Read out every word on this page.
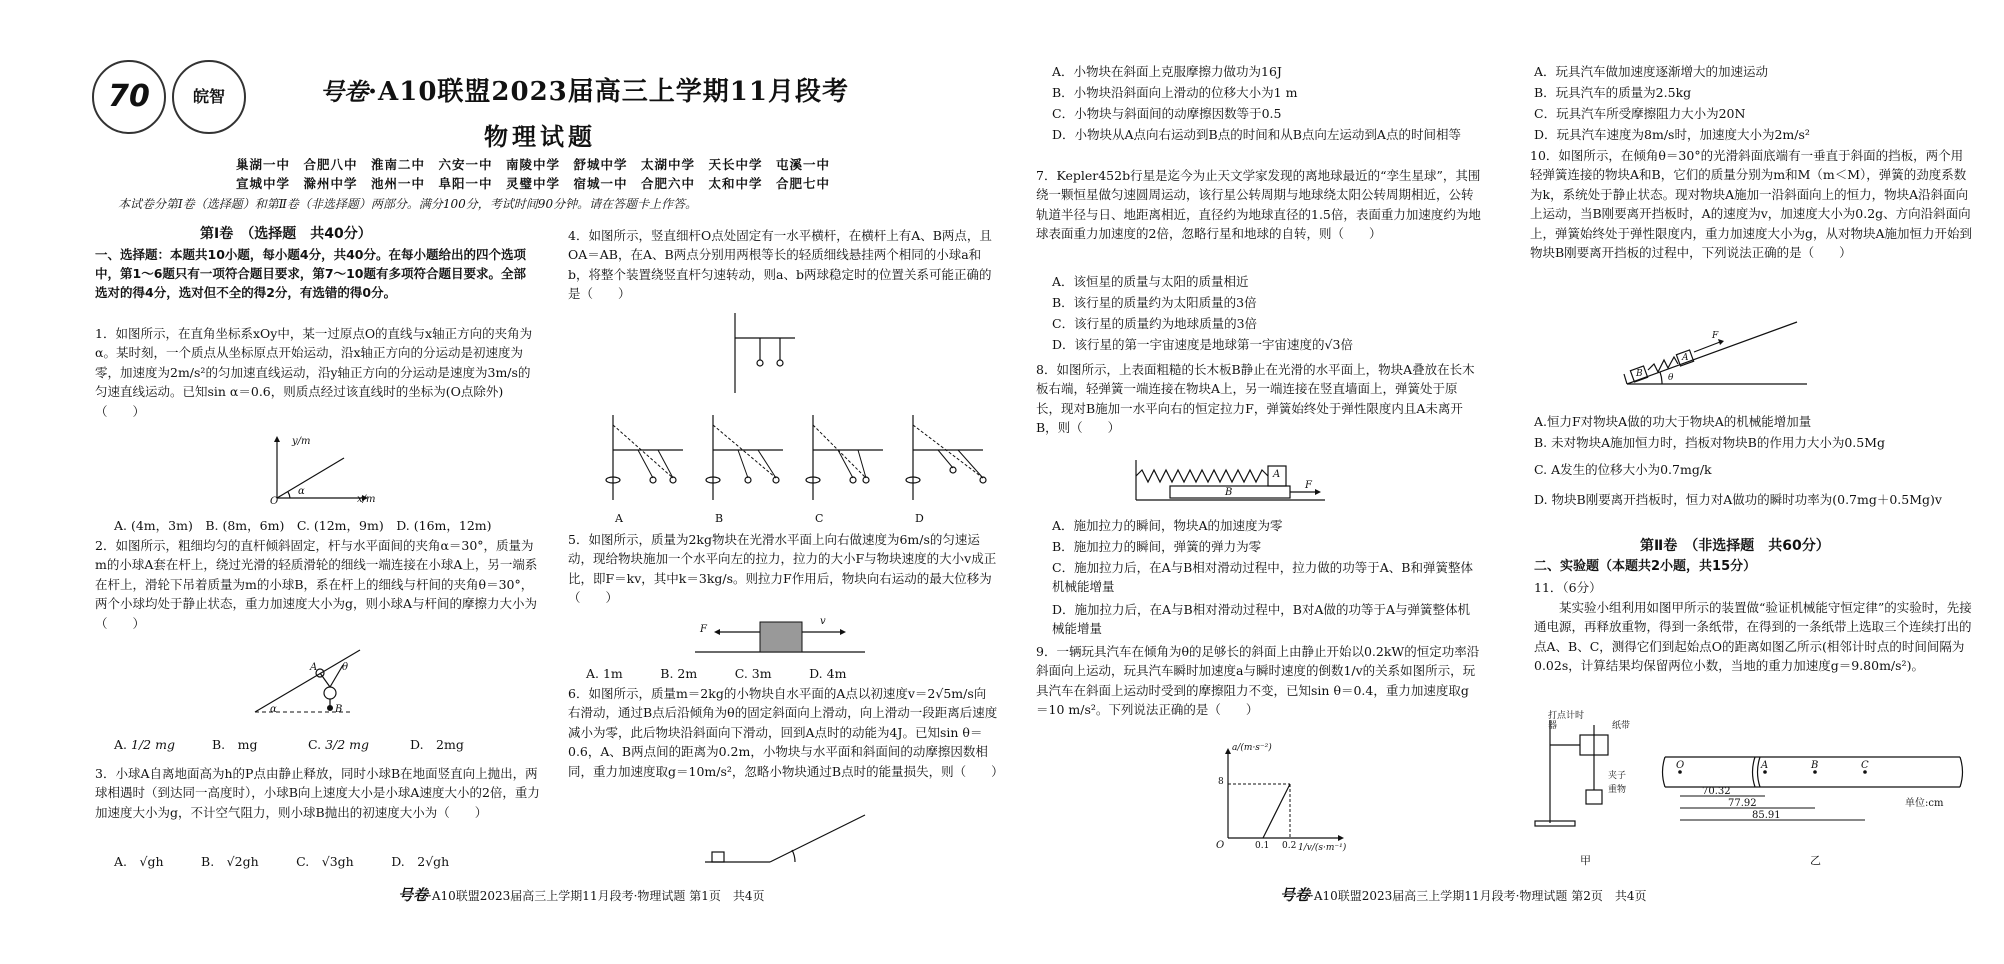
70	皖智	号卷·A10联盟2023届高三上学期11月段考
物理试题
巢湖一中　合肥八中　淮南二中　六安一中　南陵中学　舒城中学　太湖中学　天长中学　屯溪一中
宣城中学　滁州中学　池州一中　阜阳一中　灵璧中学　宿城一中　合肥六中　太和中学　合肥七中
本试卷分第Ⅰ卷（选择题）和第Ⅱ卷（非选择题）两部分。满分100分，考试时间90分钟。请在答题卡上作答。
第Ⅰ卷　（选择题　共40分）
一、选择题：本题共10小题，每小题4分，共40分。在每小题给出的四个选项中，第1～6题只有一项符合题目要求，第7～10题有多项符合题目要求。全部选对的得4分，选对但不全的得2分，有选错的得0分。
1．如图所示，在直角坐标系xOy中，某一过原点O的直线与x轴正方向的夹角为α。某时刻，一个质点从坐标原点开始运动，沿x轴正方向的分运动是初速度为零，加速度为2m/s²的匀加速直线运动，沿y轴正方向的分运动是速度为3m/s的匀速直线运动。已知sin α＝0.6，则质点经过该直线时的坐标为(O点除外)（　　）
y/m
x/m
O
α
A. (4m，3m)　B. (8m，6m)　C. (12m，9m)　D. (16m，12m)
2．如图所示，粗细均匀的直杆倾斜固定，杆与水平面间的夹角α＝30°，质量为m的小球A套在杆上，绕过光滑的轻质滑轮的细线一端连接在小球A上，另一端系在杆上，滑轮下吊着质量为m的小球B，系在杆上的细线与杆间的夹角θ＝30°，两个小球均处于静止状态，重力加速度大小为g，则小球A与杆间的摩擦力大小为（　　）
A
B
α
θ
A. 1/2 mg	B.　mg	C. 3/2 mg	D.　2mg
3．小球A自离地面高为h的P点由静止释放，同时小球B在地面竖直向上抛出，两球相遇时（到达同一高度时），小球B向上速度大小是小球A速度大小的2倍，重力加速度大小为g，不计空气阻力，则小球B抛出的初速度大小为（　　）
A.　√gh　　　B.　√2gh　　　C.　√3gh　　　D.　2√gh
4．如图所示，竖直细杆O点处固定有一水平横杆，在横杆上有A、B两点，且OA＝AB，在A、B两点分别用两根等长的轻质细线悬挂两个相同的小球a和b，将整个装置绕竖直杆匀速转动，则a、b两球稳定时的位置关系可能正确的是（　　）
A	B	C	D
5．如图所示，质量为2kg物块在光滑水平面上向右做速度为6m/s的匀速运动，现给物块施加一个水平向左的拉力，拉力的大小F与物块速度的大小v成正比，即F＝kv，其中k＝3kg/s。则拉力F作用后，物块向右运动的最大位移为（　　）
F
v
A. 1m　　　B. 2m　　　C. 3m　　　D. 4m
6．如图所示，质量m＝2kg的小物块自水平面的A点以初速度v＝2√5m/s向右滑动，通过B点后沿倾角为θ的固定斜面向上滑动，向上滑动一段距离后速度减小为零，此后物块沿斜面向下滑动，回到A点时的动能为4J。已知sin θ＝0.6，A、B两点间的距离为0.2m，小物块与水平面和斜面间的动摩擦因数相同，重力加速度取g＝10m/s²，忽略小物块通过B点时的能量损失，则（　　）
A．小物块在斜面上克服摩擦力做功为16J
B．小物块沿斜面向上滑动的位移大小为1 m
C．小物块与斜面间的动摩擦因数等于0.5
D．小物块从A点向右运动到B点的时间和从B点向左运动到A点的时间相等
7．Kepler452b行星是迄今为止天文学家发现的离地球最近的“孪生星球”，其围绕一颗恒星做匀速圆周运动，该行星公转周期与地球绕太阳公转周期相近，公转轨道半径与日、地距离相近，直径约为地球直径的1.5倍，表面重力加速度约为地球表面重力加速度的2倍，忽略行星和地球的自转，则（　　）
A．该恒星的质量与太阳的质量相近
B．该行星的质量约为太阳质量的3倍
C．该行星的质量约为地球质量的3倍
D．该行星的第一宇宙速度是地球第一宇宙速度的√3倍
8．如图所示，上表面粗糙的长木板B静止在光滑的水平面上，物块A叠放在长木板右端，轻弹簧一端连接在物块A上，另一端连接在竖直墙面上，弹簧处于原长，现对B施加一水平向右的恒定拉力F，弹簧始终处于弹性限度内且A未离开B，则（　　）
A
B
F
A．施加拉力的瞬间，物块A的加速度为零
B．施加拉力的瞬间，弹簧的弹力为零
C．施加拉力后，在A与B相对滑动过程中，拉力做的功等于A、B和弹簧整体机械能增量
D．施加拉力后，在A与B相对滑动过程中，B对A做的功等于A与弹簧整体机械能增量
9．一辆玩具汽车在倾角为θ的足够长的斜面上由静止开始以0.2kW的恒定功率沿斜面向上运动，玩具汽车瞬时加速度a与瞬时速度的倒数1/v的关系如图所示，玩具汽车在斜面上运动时受到的摩擦阻力不变，已知sin θ＝0.4，重力加速度取g＝10 m/s²。下列说法正确的是（　　）
a/(m·s⁻²)
8
O	0.1 0.2 1/v/(s·m⁻¹)
A．玩具汽车做加速度逐渐增大的加速运动
B．玩具汽车的质量为2.5kg
C．玩具汽车所受摩擦阻力大小为20N
D．玩具汽车速度为8m/s时，加速度大小为2m/s²
10．如图所示，在倾角θ＝30°的光滑斜面底端有一垂直于斜面的挡板，两个用轻弹簧连接的物块A和B，它们的质量分别为m和M（m＜M），弹簧的劲度系数为k，系统处于静止状态。现对物块A施加一沿斜面向上的恒力，物块A沿斜面向上运动，当B刚要离开挡板时，A的速度为v，加速度大小为0.2g、方向沿斜面向上，弹簧始终处于弹性限度内，重力加速度大小为g，从对物块A施加恒力开始到物块B刚要离开挡板的过程中，下列说法正确的是（　　）
B
A
F
θ
A.恒力F对物块A做的功大于物块A的机械能增加量
B. 未对物块A施加恒力时，挡板对物块B的作用力大小为0.5Mg
C. A发生的位移大小为0.7mg/k
D. 物块B刚要离开挡板时，恒力对A做功的瞬时功率为(0.7mg＋0.5Mg)v
第Ⅱ卷　（非选择题　共60分）
二、实验题（本题共2小题，共15分）
11．（6分）
某实验小组利用如图甲所示的装置做“验证机械能守恒定律”的实验时，先接通电源，再释放重物，得到一条纸带，在得到的一条纸带上选取三个连续打出的点A、B、C，测得它们到起始点O的距离如图乙所示(相邻计时点的时间间隔为0.02s，计算结果均保留两位小数，当地的重力加速度g＝9.80m/s²)。
打点计时器	纸带
夹子
重物
甲
O	A	B	C
70.32
77.92
85.91
单位:cm
乙
号卷·A10联盟2023届高三上学期11月段考·物理试题 第1页　共4页	号卷·A10联盟2023届高三上学期11月段考·物理试题 第2页　共4页
